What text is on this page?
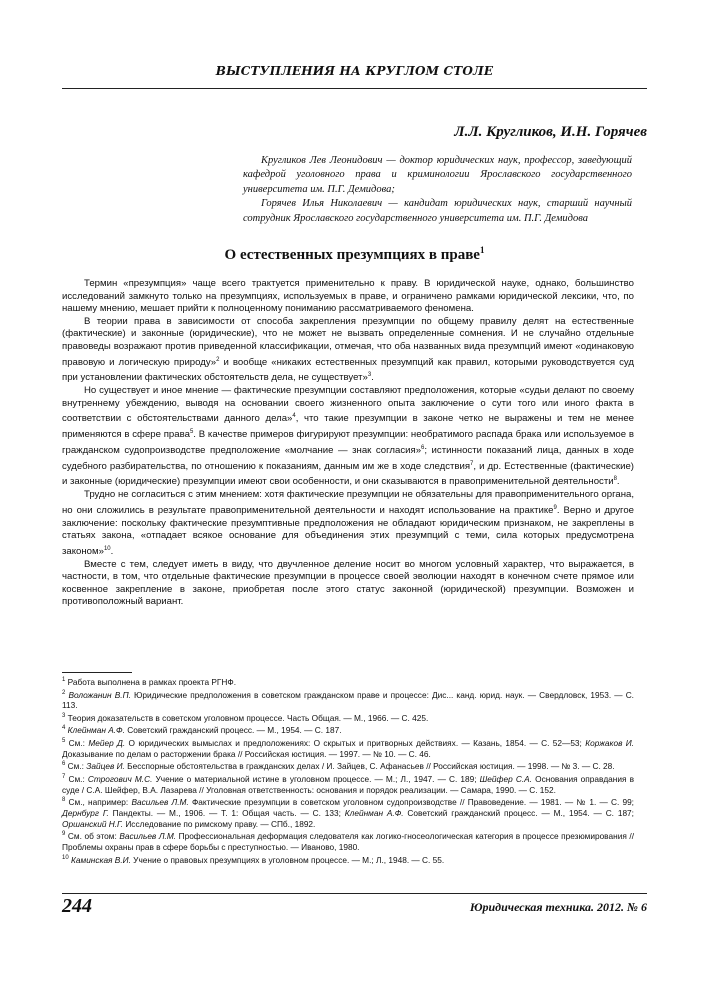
ВЫСТУПЛЕНИЯ НА КРУГЛОМ СТОЛЕ
Л.Л. Кругликов, И.Н. Горячев

Кругликов Лев Леонидович — доктор юридических наук, профессор, заведующий кафедрой уголовного права и криминологии Ярославского государственного университета им. П.Г. Демидова;

Горячев Илья Николаевич — кандидат юридических наук, старший научный сотрудник Ярославского государственного университета им. П.Г. Демидова

О естественных презумпциях в праве$^1$

Термин «презумпция» чаще всего трактуется применительно к праву. В юридической науке, однако, большинство исследований замкнуто только на презумпциях, используемых в праве, и ограничено рамками юридической лексики, что, по нашему мнению, мешает прийти к полноценному пониманию рассматриваемого феномена.

В теории права в зависимости от способа закрепления презумпции по общему правилу делят на естественные (фактические) и законные (юридические), что не может не вызвать определенные сомнения. И не случайно отдельные правоведы возражают против приведенной классификации, отмечая, что оба названных вида презумпций имеют «одинаковую правовую и логическую природу»$^2$ и вообще «никаких естественных презумпций как правил, которыми руководствуется суд при установлении фактических обстоятельств дела, не существует»$^3$.

Но существует и иное мнение — фактические презумпции составляют предположения, которые «судьи делают по своему внутреннему убеждению, выводя на основании своего жизненного опыта заключение о сути того или иного факта в соответствии с обстоятельствами данного дела»$^4$, что такие презумпции в законе четко не выражены и тем не менее применяются в сфере права$^5$. В качестве примеров фигурируют презумпции: необратимого распада брака или используемое в гражданском судопроизводстве предположение «молчание — знак согласия»$^6$; истинности показаний лица, данных в ходе судебного разбирательства, по отношению к показаниям, данным им же в ходе следствия$^7$, и др. Естественные (фактические) и законные (юридические) презумпции имеют свои особенности, и они сказываются в правоприменительной деятельности$^8$.

Трудно не согласиться с этим мнением: хотя фактические презумпции не обязательны для правоприменительного органа, но они сложились в результате правоприменительной деятельности и находят использование на практике$^9$. Верно и другое заключение: поскольку фактические презумптивные предположения не обладают юридическим признаком, не закреплены в статьях закона, «отпадает всякое основание для объединения этих презумпций с теми, сила которых предусмотрена законом»$^{10}$.

Вместе с тем, следует иметь в виду, что двучленное деление носит во многом условный характер, что выражается, в частности, в том, что отдельные фактические презумпции в процессе своей эволюции находят в конечном счете прямое или косвенное закрепление в законе, приобретая после этого статус законной (юридической) презумпции. Возможен и противоположный вариант.

$^1$ Работа выполнена в рамках проекта РГНФ.

$^2$ Воложанин В.П. Юридические предположения в советском гражданском праве и процессе: Дис... канд. юрид. наук. — Свердловск, 1953. — С. 113.

$^3$ Теория доказательств в советском уголовном процессе. Часть Общая. — М., 1966. — С. 425.

$^4$ Клейнман А.Ф. Советский гражданский процесс. — М., 1954. — С. 187.

$^5$ См.: Мейер Д. О юридических вымыслах и предположениях: О скрытых и притворных действиях. — Казань, 1854. — С. 52—53; Коржаков И. Доказывание по делам о расторжении брака // Российская юстиция. — 1997. — № 10. — С. 46.

$^6$ См.: Зайцев И. Бесспорные обстоятельства в гражданских делах / И. Зайцев, С. Афанасьев // Российская юстиция. — 1998. — № 3. — С. 28.

$^7$ См.: Строгович М.С. Учение о материальной истине в уголовном процессе. — М.; Л., 1947. — С. 189; Шейфер С.А. Основания оправдания в суде / С.А. Шейфер, В.А. Лазарева // Уголовная ответственность: основания и порядок реализации. — Самара, 1990. — С. 152.

$^8$ См., например: Васильев Л.М. Фактические презумпции в советском уголовном судопроизводстве // Правоведение. — 1981. — № 1. — С. 99; Дернбург Г. Пандекты. — М., 1906. — Т. 1: Общая часть. — С. 133; Клейнман А.Ф. Советский гражданский процесс. — М., 1954. — С. 187; Оршанский Н.Г. Исследование по римскому праву. — СПб., 1892.

$^9$ См. об этом: Васильев Л.М. Профессиональная деформация следователя как логико-гносеологическая категория в процессе презюмирования // Проблемы охраны прав в сфере борьбы с преступностью. — Иваново, 1980.

$^{10}$ Каминская В.И. Учение о правовых презумпциях в уголовном процессе. — М.; Л., 1948. — С. 55.

244	Юридическая техника. 2012. № 6
